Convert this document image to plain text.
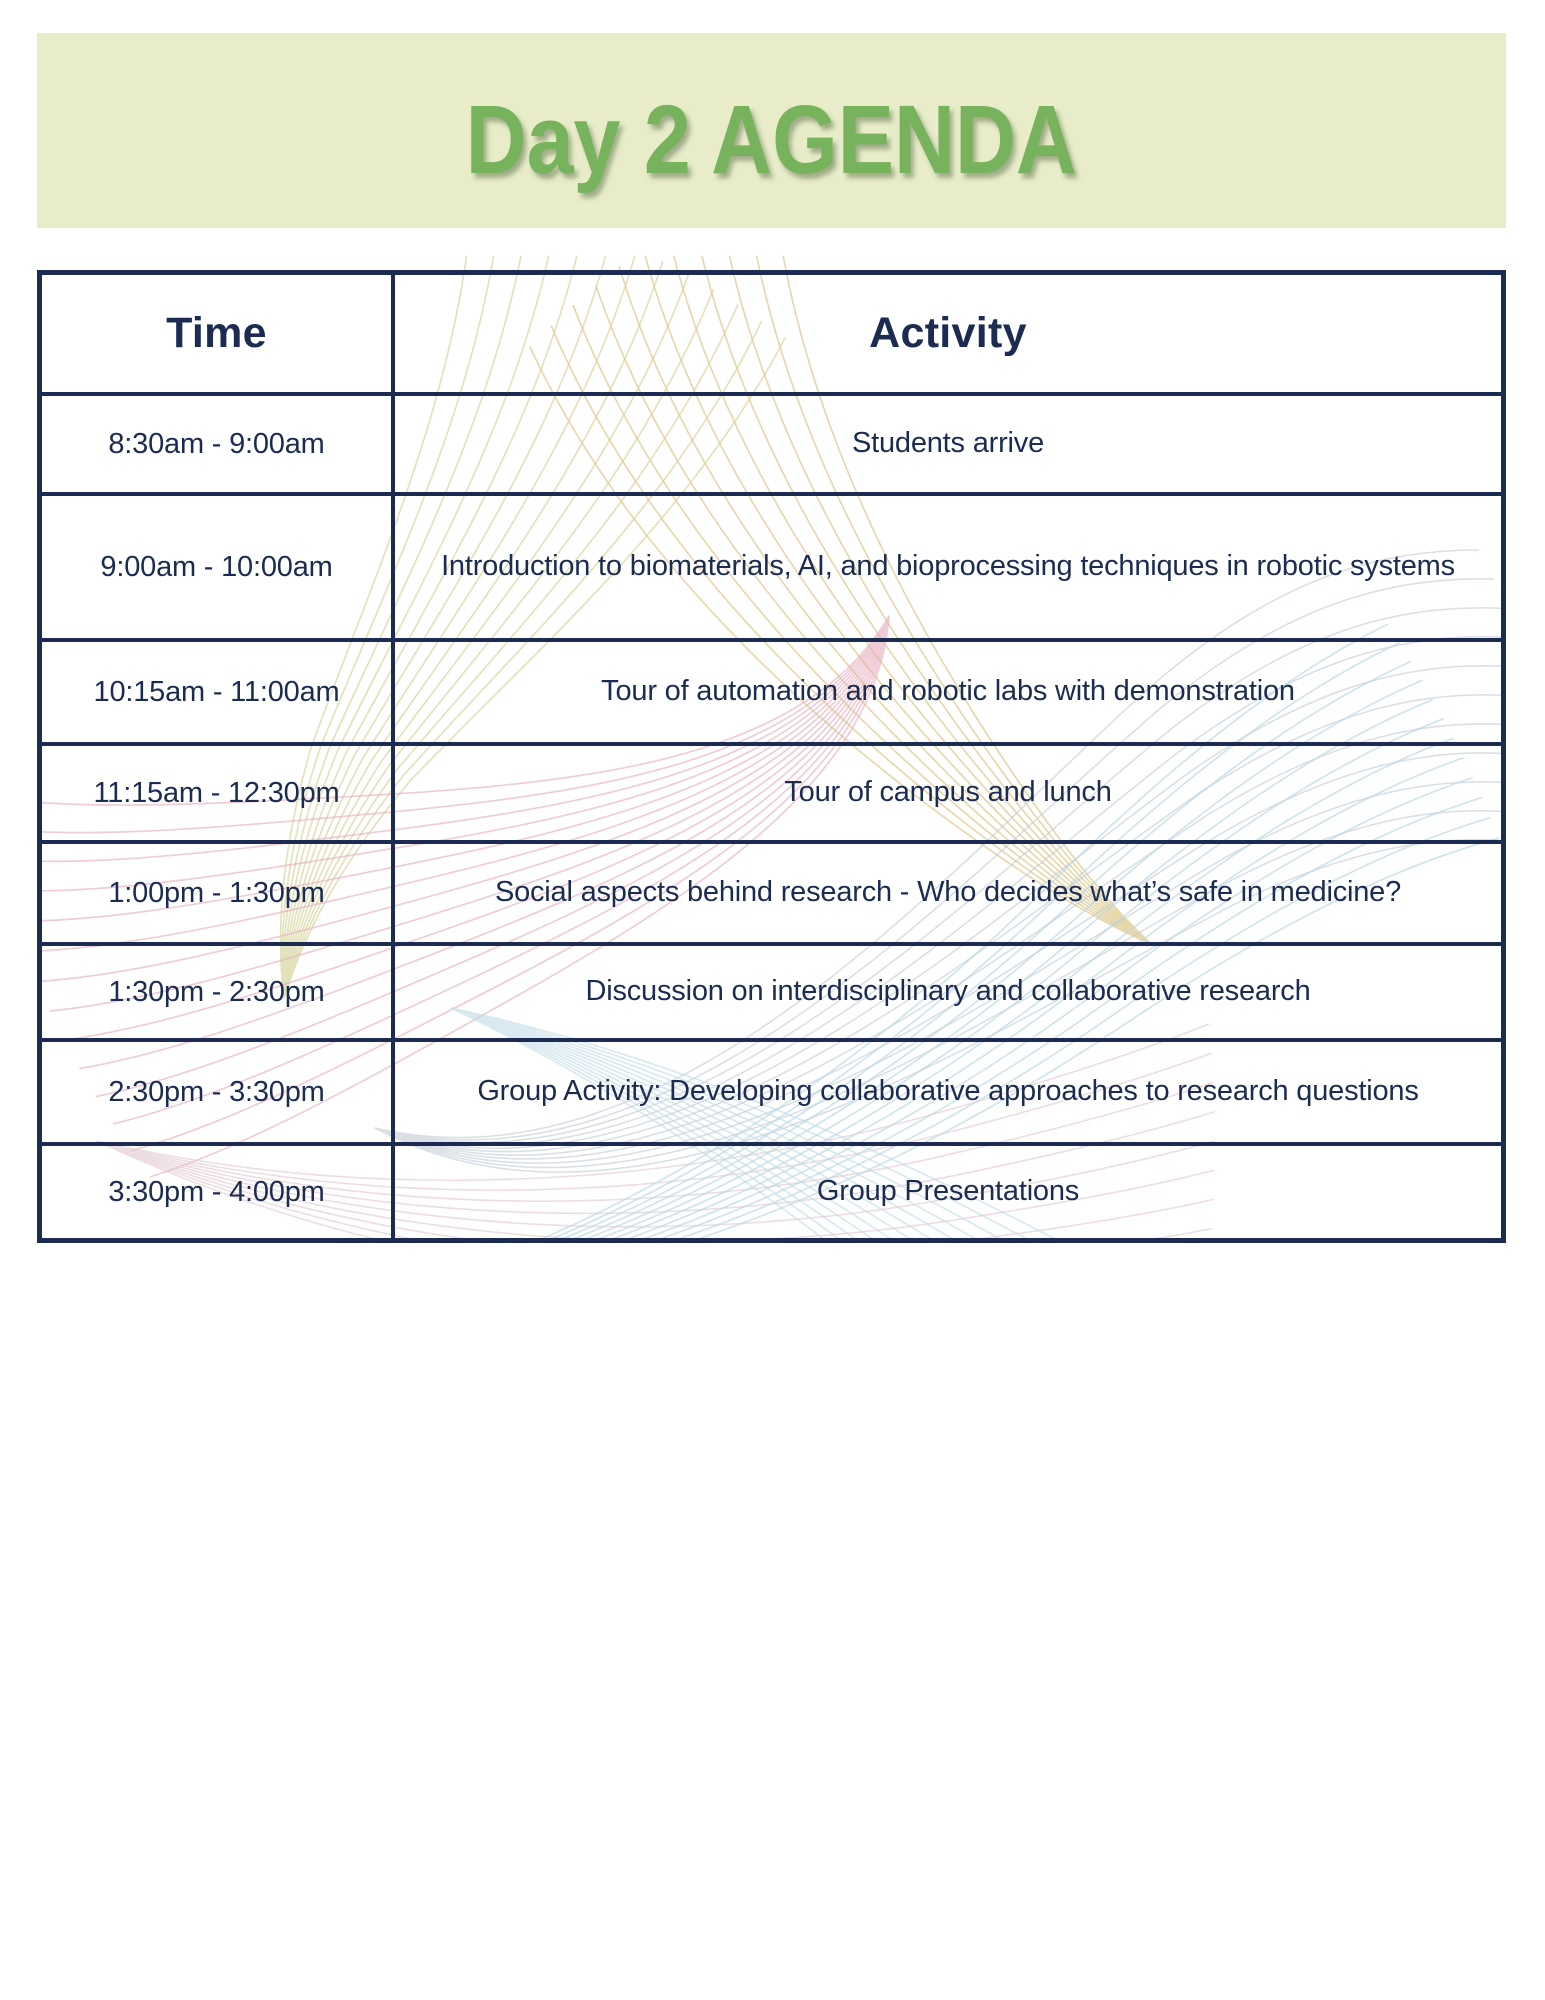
Day 2 AGENDA
Time	Activity
8:30am - 9:00am	Students arrive
9:00am - 10:00am	Introduction to biomaterials, AI, and bioprocessing techniques in robotic systems
10:15am - 11:00am	Tour of automation and robotic labs with demonstration
11:15am - 12:30pm	Tour of campus and lunch
1:00pm - 1:30pm	Social aspects behind research - Who decides what’s safe in medicine?
1:30pm - 2:30pm	Discussion on interdisciplinary and collaborative research
2:30pm - 3:30pm	Group Activity: Developing collaborative approaches to research questions
3:30pm - 4:00pm	Group Presentations
